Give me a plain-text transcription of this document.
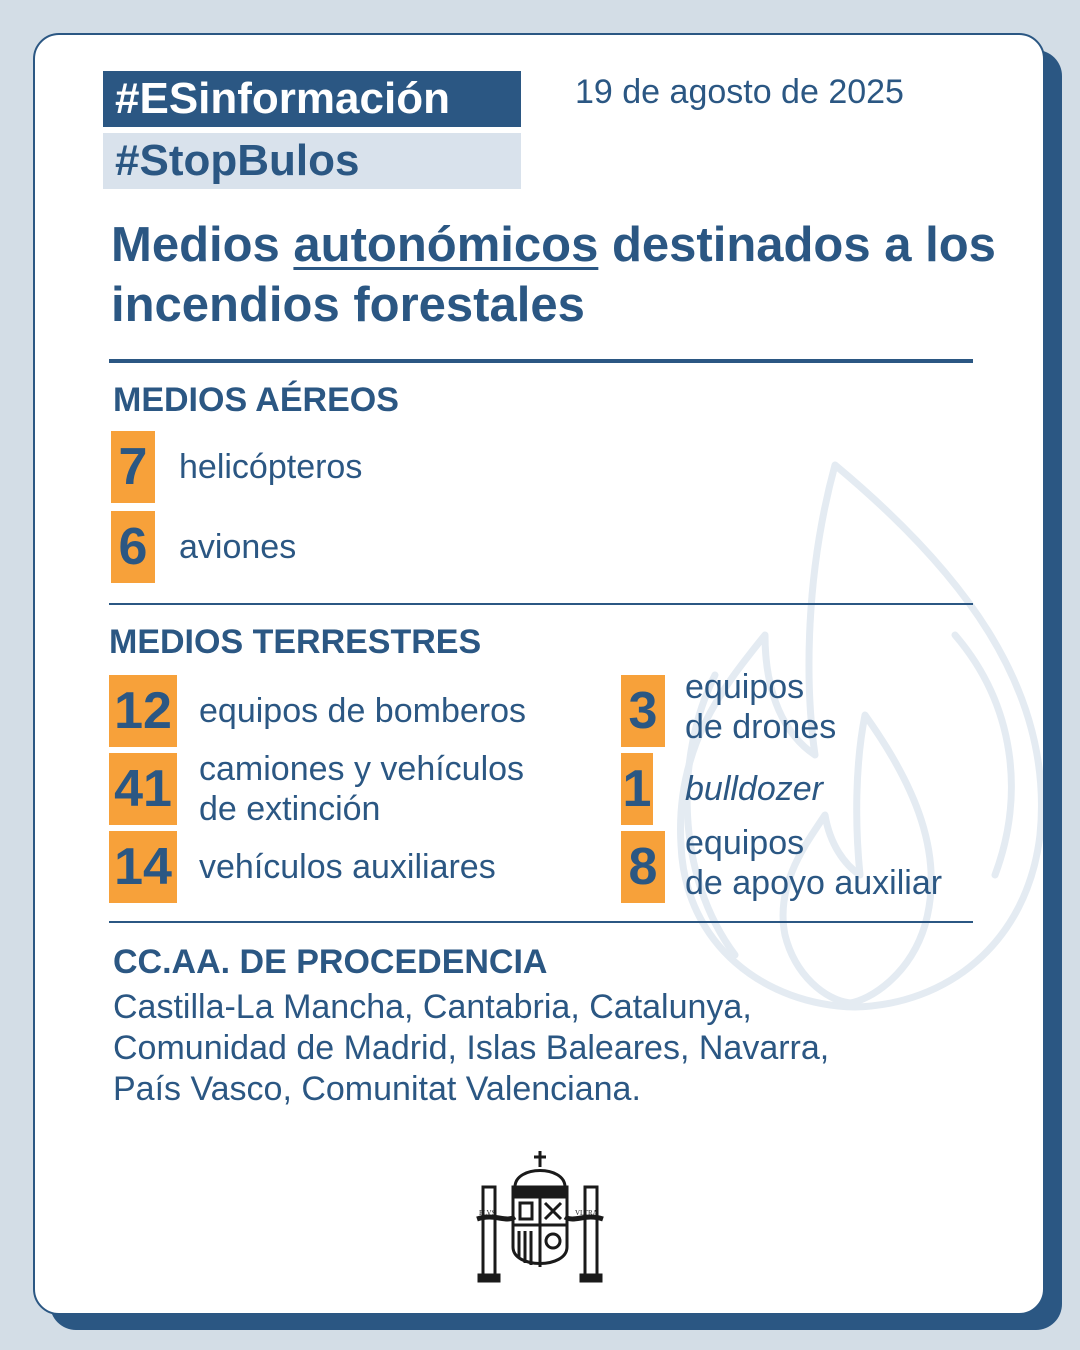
#ESinformación
#StopBulos
19 de agosto de 2025
Medios autonómicos destinados a los incendios forestales
MEDIOS AÉREOS
7 helicópteros
6 aviones
MEDIOS TERRESTRES
12 equipos de bomberos
41 camiones y vehículos
de extinción
14 vehículos auxiliares
3 equipos
de drones
1 bulldozer
8 equipos
de apoyo auxiliar
CC.AA. DE PROCEDENCIA
Castilla-La Mancha, Cantabria, Catalunya,
Comunidad de Madrid, Islas Baleares, Navarra,
País Vasco, Comunitat Valenciana.
PLVS	VLTRA
